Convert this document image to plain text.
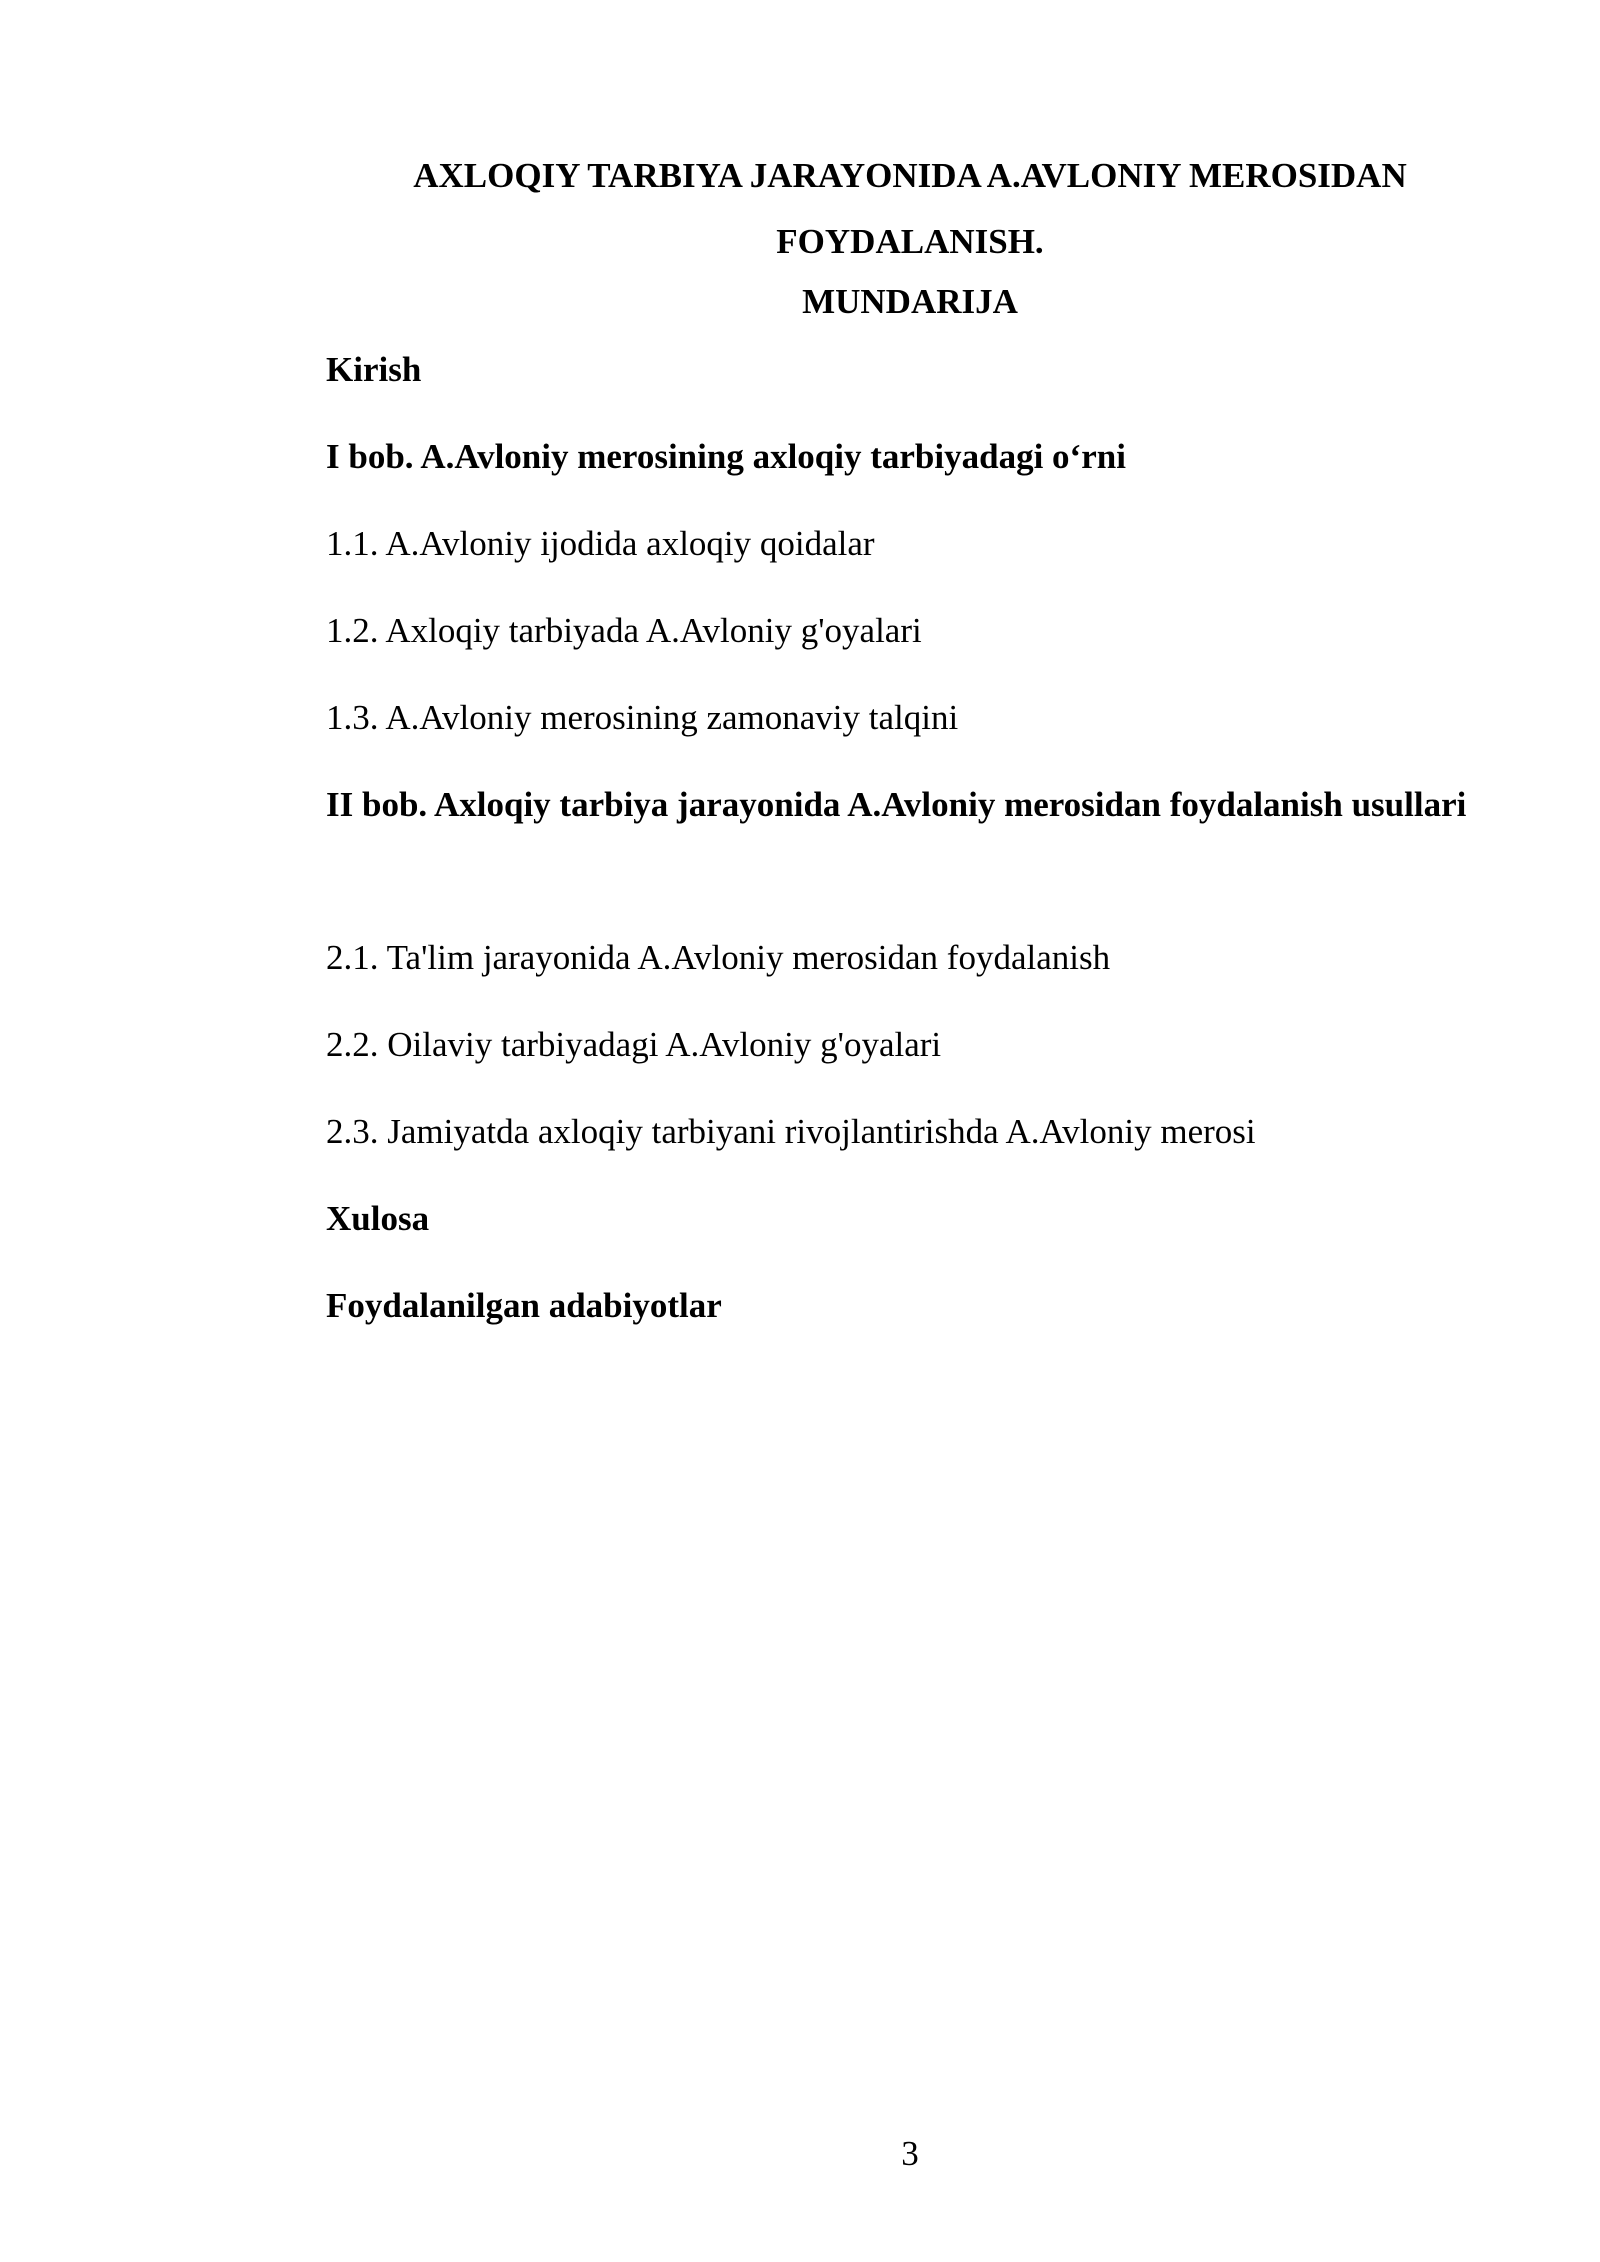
AXLOQIY TARBIYA JARAYONIDA A.AVLONIY MEROSIDAN FOYDALANISH.
MUNDARIJA

Kirish

I bob. A.Avloniy merosining axloqiy tarbiyadagi o‘rni

1.1. A.Avloniy ijodida axloqiy qoidalar

1.2. Axloqiy tarbiyada A.Avloniy g'oyalari

1.3. A.Avloniy merosining zamonaviy talqini

II bob. Axloqiy tarbiya jarayonida A.Avloniy merosidan foydalanish usullari

2.1. Ta'lim jarayonida A.Avloniy merosidan foydalanish

2.2. Oilaviy tarbiyadagi A.Avloniy g'oyalari

2.3. Jamiyatda axloqiy tarbiyani rivojlantirishda A.Avloniy merosi

Xulosa

Foydalanilgan adabiyotlar

3
